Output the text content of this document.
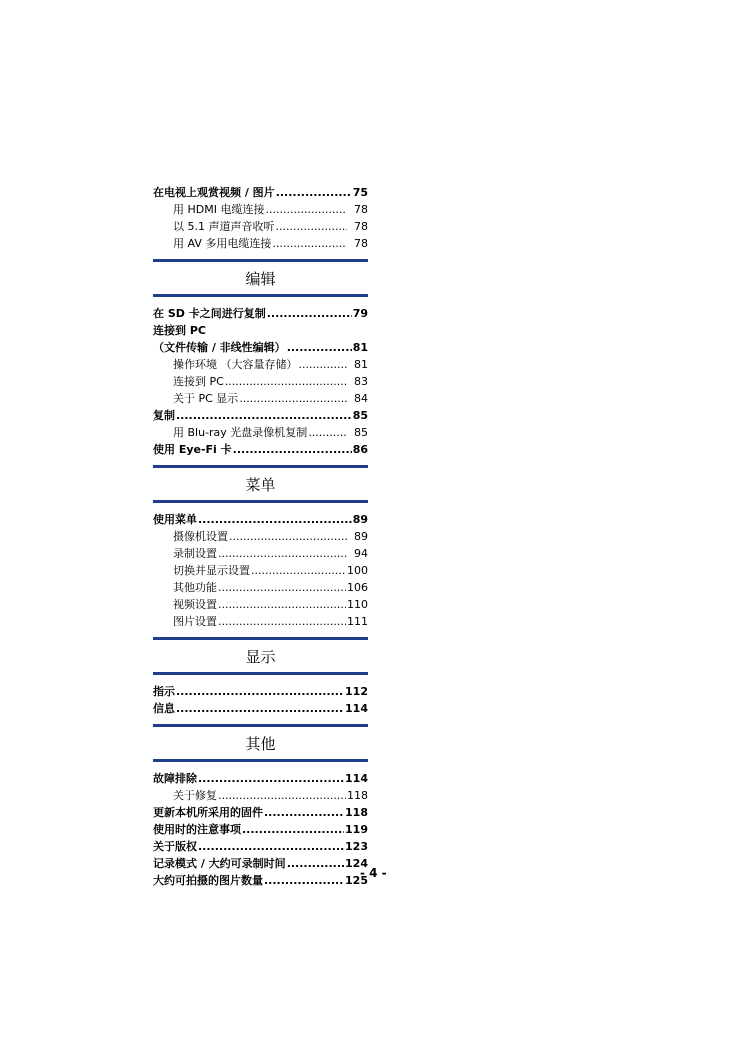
在电视上观赏视频 / 图片 .....	75
用 HDMI 电缆连接 .....	78
以 5.1 声道声音收听 .....	78
用 AV 多用电缆连接 .....	78
编辑
在 SD 卡之间进行复制 .....	79
连接到 PC
（文件传输 / 非线性编辑） .....	81
操作环境 （大容量存储） .....	81
连接到 PC .....	83
关于 PC 显示 .....	84
复制 .....	85
用 Blu-ray 光盘录像机复制 .....	85
使用 Eye-Fi 卡 .....	86
菜单
使用菜单 .....	89
摄像机设置 .....	89
录制设置 .....	94
切换并显示设置 .....	100
其他功能 .....	106
视频设置 .....	110
图片设置 .....	111
显示
指示 .....	112
信息 .....	114
其他
故障排除 .....	114
关于修复 .....	118
更新本机所采用的固件 .....	118
使用时的注意事项 .....	119
关于版权 .....	123
记录模式 / 大约可录制时间 .....	124
大约可拍摄的图片数量 .....	125
- 4 -
